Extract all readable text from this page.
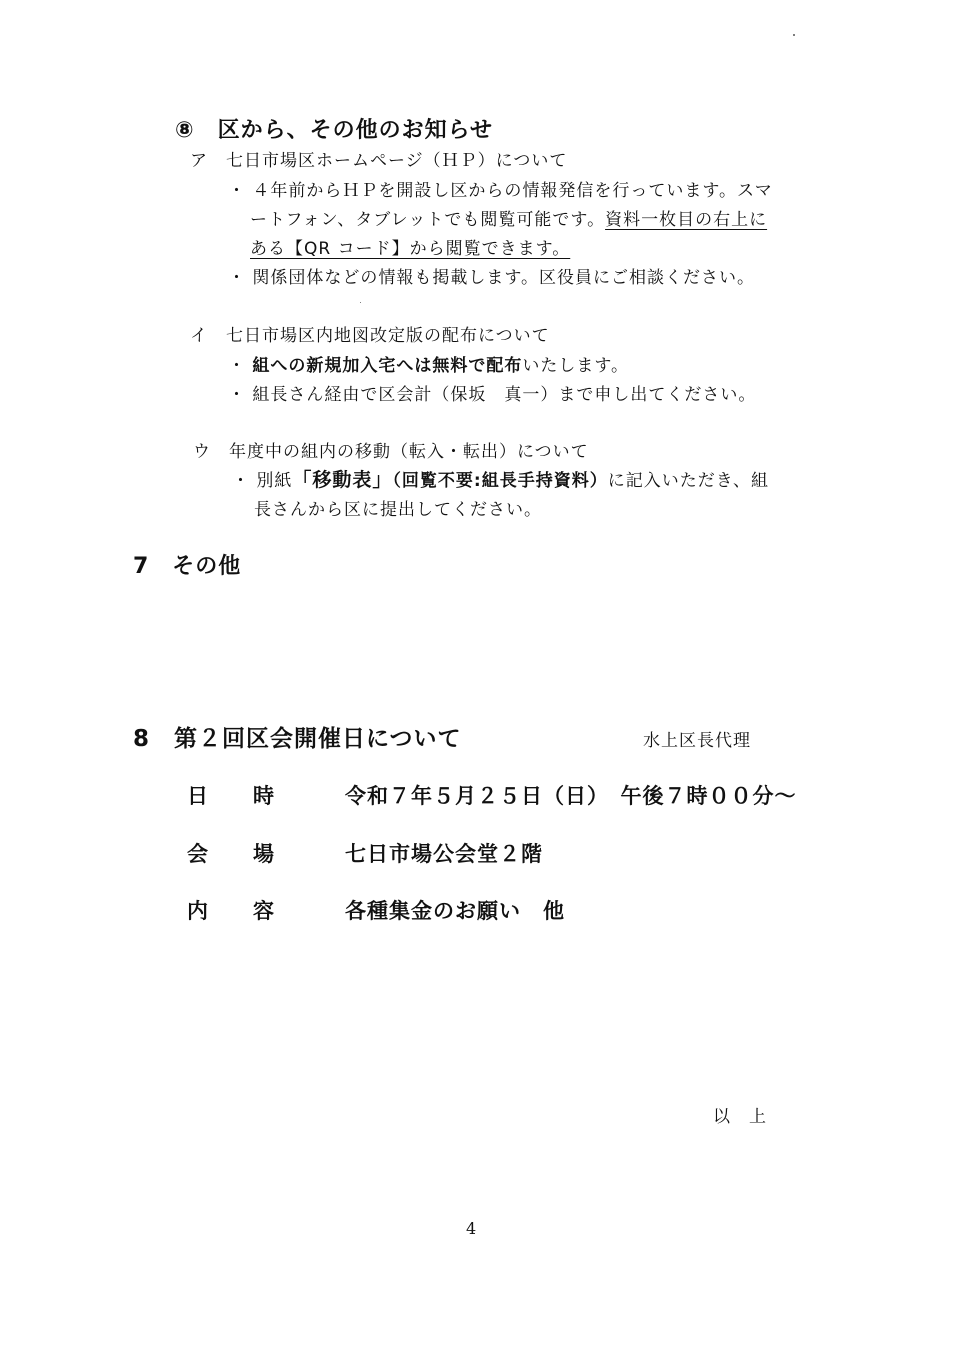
⑧　区から、その他のお知らせ
ア　七日市場区ホームページ（ＨＰ）について
・ ４年前からＨＰを開設し区からの情報発信を行っています。スマ
ートフォン、タブレットでも閲覧可能です。資料一枚目の右上に
ある【QR コード】から閲覧できます。
・ 関係団体などの情報も掲載します。区役員にご相談ください。
イ　七日市場区内地図改定版の配布について
・ 組への新規加入宅へは無料で配布いたします。
・ 組長さん経由で区会計（保坂　真一）まで申し出てください。
ウ　年度中の組内の移動（転入・転出）について
・ 別紙「移動表」（回覧不要:組長手持資料）に記入いただき、組
長さんから区に提出してください。
7　その他
8　第２回区会開催日について	水上区長代理
日　　時	令和７年５月２５日（日）　午後７時００分〜
会　　場	七日市場公会堂２階
内　　容	各種集金のお願い　他
以　上
4
